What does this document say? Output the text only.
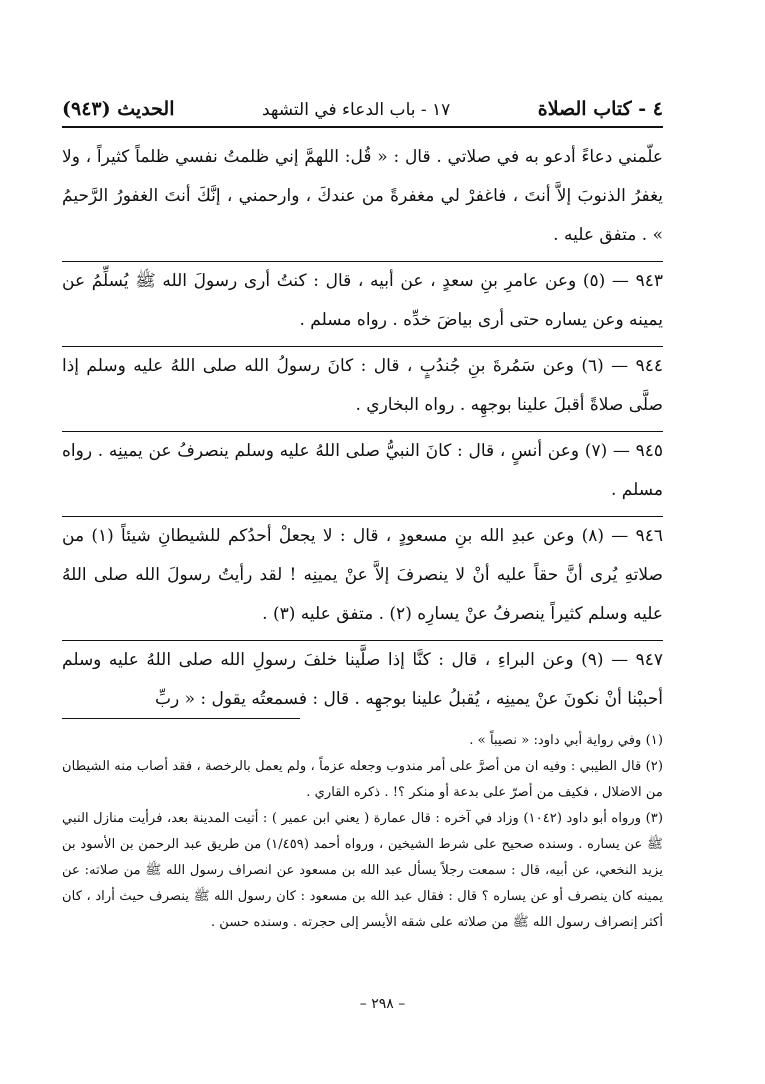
٤ - كتاب الصلاة
١٧ - باب الدعاء في التشهد
الحديث (٩٤٣)

علّمني دعاءً أدعو به في صلاتي . قال : « قُل: اللهمَّ إني ظلمتُ نفسي ظلماً كثيراً ، ولا يغفرُ الذنوبَ إلاَّ أنتَ ، فاغفرْ لي مغفرةً من عندكَ ، وارحمني ، إنَّكَ أنتَ الغفورُ الرَّحيمُ » . متفق عليه .

٩٤٣ — (٥) وعن عامرِ بنِ سعدٍ ، عن أبيه ، قال : كنتُ أرى رسولَ الله ﷺ يُسلِّمُ عن يمينه وعن يساره حتى أرى بياضَ خدِّه . رواه مسلم .

٩٤٤ — (٦) وعن سَمُرةَ بنِ جُندُبٍ ، قال : كانَ رسولُ الله صلى اللهُ عليه وسلم إذا صلَّى صلاةً أقبلَ علينا بوجهِه . رواه البخاري .

٩٤٥ — (٧) وعن أنسٍ ، قال : كانَ النبيُّ صلى اللهُ عليه وسلم ينصرفُ عن يمينِه . رواه مسلم .

٩٤٦ — (٨) وعن عبدِ الله بنِ مسعودٍ ، قال : لا يجعلْ أحدُكم للشيطانِ شيئاً (١) من صلاتهِ يُرى أنَّ حقاً عليه أنْ لا ينصرفَ إلاَّ عنْ يمينِه ! لقد رأيتُ رسولَ الله صلى اللهُ عليه وسلم كثيراً ينصرفُ عنْ يسارِه (٢) . متفق عليه (٣) .

٩٤٧ — (٩) وعن البراءِ ، قال : كنَّا إذا صلَّينا خلفَ رسولِ الله صلى اللهُ عليه وسلم أحببْنا أنْ نكونَ عنْ يمينِه ، يُقبلُ علينا بوجهِه . قال : فسمعتُه يقول : « ربِّ

(١) وفي رواية أبي داود: « نصيباً » .

(٢) قال الطيبي : وفيه ان من أصرَّ على أمر مندوب وجعله عزماً ، ولم يعمل بالرخصة ، فقد أصاب منه الشيطان من الاضلال ، فكيف من أصرّ على بدعة أو منكر ؟! . ذكره القاري .

(٣) ورواه أبو داود (١٠٤٢) وزاد في آخره : قال عمارة ( يعني ابن عمير ) : أتيت المدينة بعد، فرأيت منازل النبي ﷺ عن يساره . وسنده صحيح على شرط الشيخين ، ورواه أحمد (١/٤٥٩) من طريق عبد الرحمن بن الأسود بن يزيد النخعي، عن أبيه، قال : سمعت رجلاً يسأل عبد الله بن مسعود عن انصراف رسول الله ﷺ من صلاته: عن يمينه كان ينصرف أو عن يساره ؟ قال : فقال عبد الله بن مسعود : كان رسول الله ﷺ ينصرف حيث أراد ، كان أكثر إنصراف رسول الله ﷺ من صلاته على شقه الأيسر إلى حجرته . وسنده حسن .

– ٢٩٨ –
